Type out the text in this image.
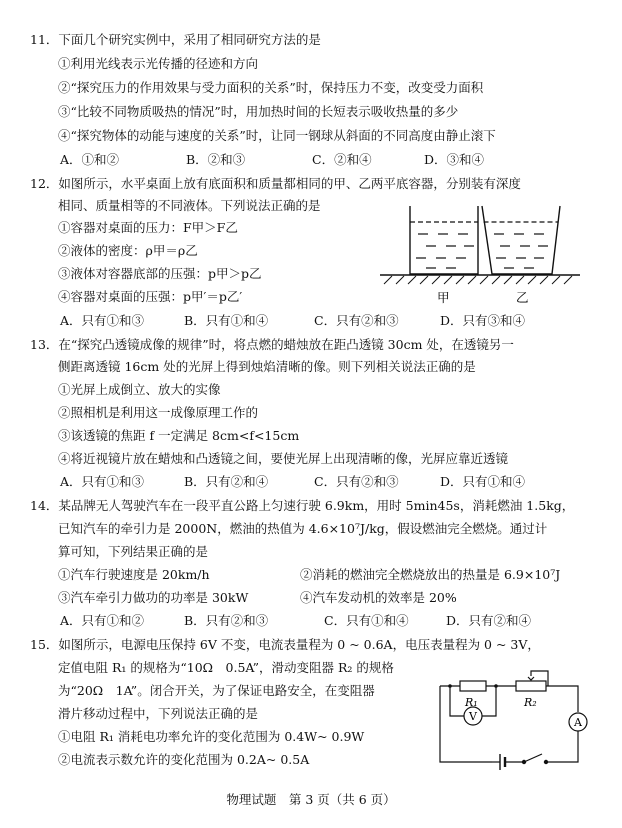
11．下面几个研究实例中，采用了相同研究方法的是
①利用光线表示光传播的径迹和方向
②“探究压力的作用效果与受力面积的关系”时，保持压力不变，改变受力面积
③“比较不同物质吸热的情况”时，用加热时间的长短表示吸收热量的多少
④“探究物体的动能与速度的关系”时，让同一钢球从斜面的不同高度由静止滚下
A．①和②	B．②和③	C．②和④	D．③和④
12．如图所示，水平桌面上放有底面积和质量都相同的甲、乙两平底容器，分别装有深度
相同、质量相等的不同液体。下列说法正确的是
①容器对桌面的压力：F甲＞F乙
②液体的密度：ρ甲＝ρ乙
③液体对容器底部的压强：p甲＞p乙
④容器对桌面的压强：p甲′＝p乙′
A．只有①和③	B．只有①和④	C．只有②和③	D．只有③和④
甲	乙
13．在“探究凸透镜成像的规律”时，将点燃的蜡烛放在距凸透镜 30cm 处，在透镜另一
侧距离透镜 16cm 处的光屏上得到烛焰清晰的像。则下列相关说法正确的是
①光屏上成倒立、放大的实像
②照相机是利用这一成像原理工作的
③该透镜的焦距 f 一定满足 8cm<f<15cm
④将近视镜片放在蜡烛和凸透镜之间，要使光屏上出现清晰的像，光屏应靠近透镜
A．只有①和③	B．只有②和④	C．只有②和③	D．只有①和④
14．某品牌无人驾驶汽车在一段平直公路上匀速行驶 6.9km，用时 5min45s，消耗燃油 1.5kg，
已知汽车的牵引力是 2000N，燃油的热值为 4.6×10⁷J/kg，假设燃油完全燃烧。通过计
算可知，下列结果正确的是
①汽车行驶速度是 20km/h	②消耗的燃油完全燃烧放出的热量是 6.9×10⁷J
③汽车牵引力做功的功率是 30kW	④汽车发动机的效率是 20%
A．只有①和②	B．只有②和③	C．只有①和④	D．只有②和④
15．如图所示，电源电压保持 6V 不变，电流表量程为 0 ~ 0.6A，电压表量程为 0 ~ 3V，
定值电阻 R₁ 的规格为“10Ω　0.5A”，滑动变阻器 R₂ 的规格
为“20Ω　1A”。闭合开关，为了保证电路安全，在变阻器
滑片移动过程中，下列说法正确的是
①电阻 R₁ 消耗电功率允许的变化范围为 0.4W~ 0.9W
②电流表示数允许的变化范围为 0.2A~ 0.5A
R₁	R₂
V	A
物理试题　第 3 页（共 6 页）
